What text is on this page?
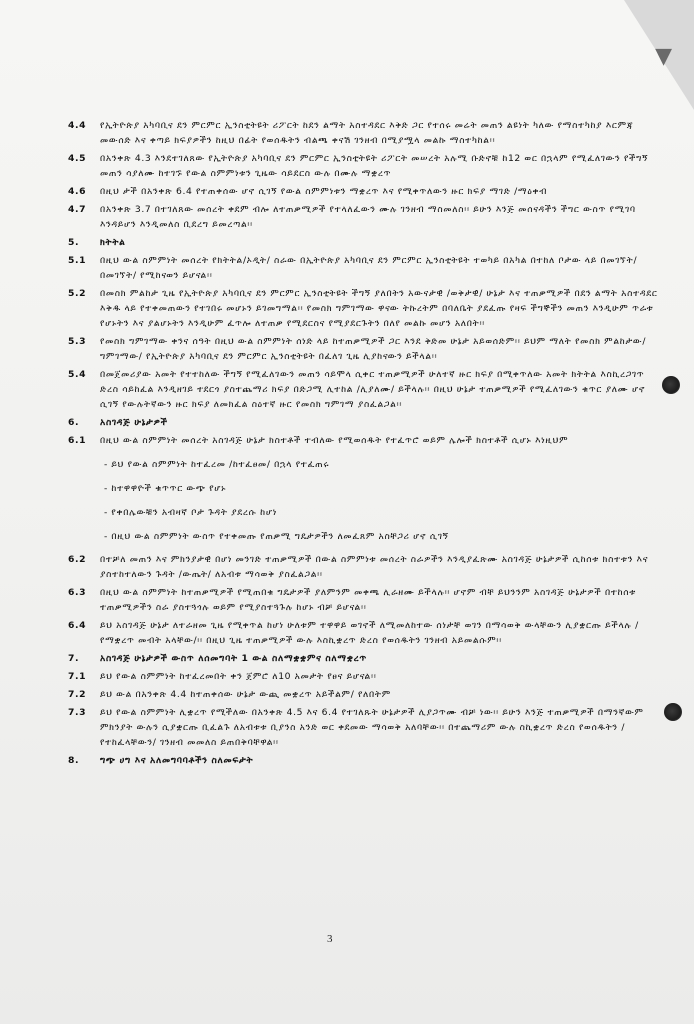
▼
4.4 የኢትዮጵያ አካባቢና ደን ምርምር ኢንስቲትዩት ሪፖርት ከደን ልማት አስተዳደር እቅድ ጋር የተሰሩ መሬት መጠን ልዩነት ካለው የማስተካከያ እርምጃ መውሰድ እና ቀጣይ ክፍያዎችን ከዚህ በፊት የወሰዱትን ብልጫ ቀናሽ ገንዘብ በሚያሟላ መልኩ ማስተካከል፡፡
4.5 በአንቀጽ 4.3 እንደተገለጸው የኢትዮጵያ አካባቢና ደን ምርምር ኢንስቲትዩት ሪፖርት መሠረት አሉሚ ቡድኖቹ ከ12 ወር በኋላም የሚፈለገውን የችግኝ መጠን ሳያለሙ ከተገኙ የውል ስምምነቱን ጊዜው ሳይደርስ ውሉ በሙሉ ማቋረጥ
4.6 በዚህ ታች በአንቀጽ 6.4 የተጠቀሰው ሆኖ ሲገኝ የውል ስምምነቱን ማቋረጥ እና የሚቀጥለውን ዙር ክፍያ ማገድ /ማዕቀብ
4.7 በአንቀጽ 3.7 በተገለጸው መሰረት ቀደም ብሎ ለተጠቃሚዎች የተላለፈውን ሙሉ ገንዘብ ማስመለስ፡፡ ይሁን እንጅ መሰናዳችን ችግር ውስጥ የሚገባ እንዳይሆን እንዲመለስ ቢደረግ ይመረጣል፡፡
5. ክትትል
5.1 በዚህ ውል ስምምነት መሰረት የክትትል/ኦዲት/ ስራው በኢትዮጵያ አካባቢና ደን ምርምር ኢንስቲትዩት ተወካይ በአካል በተከለ ቦታው ላይ በመገኘት/በመገኘት/ የሚከናወን ይሆናል፡፡
5.2 በመስክ ምልከታ ጊዜ የኢትዮጵያ አካባቢና ደን ምርምር ኢንስቲትዩት ችግኝ ያለበትን አውናታዊ /ወቅታዊ/ ሁኔታ እና ተጠቃሚዎች በደን ልማት አስተዳደር እቅዱ ላይ የተቀመጠውን የተገበሩ መሆኑን ይገመግማል፡፡ የመስክ ግምገማው ዋናው ትኩረትም በባለቤት ያደፈጡ የዛፍ ችግኞችን መጠን እንዲሁም ጥራቱ የሆኑትን እና ያልሆኑትን እንዲሁም ፈጥሎ ለተጠቃ የሚደርስና የሚያደርጉትን በለየ መልኩ መሆን አለበት፡፡
5.3 የመስክ ግምገማው ቀንና ሰዓት በዚህ ውል ስምምነት ሰነድ ላይ ከተጠቃሚዎች ጋር እንደ ቅድመ ሁኔታ አይወሰድም፡፡ ይህም ማለት የመስክ ምልከታው/ግምገማው/ የኢትዮጵያ አካባቢና ደን ምርምር ኢንስቲትዩት በፈለገ ጊዜ ሊያከናውን ይችላል፡፡
5.4 በመጀመሪያው አመት የተተከለው ችግኝ የሚፈለገውን መጠን ሳይሞላ ሲቀር ተጠቃሚዎች ሁለተኛ ዙር ክፍያ በሚቀጥለው አመት ክትትል እስኪረጋገጥ ድረስ ሳይከፈል እንዲዘገይ ተደርጎ ያስተጨማሪ ክፍያ በድጋሚ ሊተከል /ሊያለሙ/ ይችላሉ፡፡ በዚህ ሁኔታ ተጠቃሚዎች የሚፈለገውን ቁጥር ያለሙ ሆኖ ሲገኝ የውሉትኛውን ዙር ክፍያ ለመክፈል ስዕተኛ ዙር የመስክ ግምገማ ያስፈልጋል፡፡
6. አስገዳጅ ሁኔታዎች
6.1 በዚህ ውል ስምምነት መሰረት አስገዳጅ ሁኔታ ክስተቶች ተብለው የሚወሰዱት የተፈጥሮ ወይም ሌሎች ክስተቶች ሲሆኑ እነዚህም
- ይህ የውል ስምምነት ከተፈረመ /ከተፈፀመ/ በኋላ የተፈጠሩ
- ከተዋዋዮች ቁጥጥር ውጭ የሆኑ
- የቀበሌውቹን አብዛኛ ቦታ ጉዳት ያደረሱ ከሆነ
- በዚህ ውል ስምምነት ውስጥ የተቀመጡ የጠቃሚ ግዴታዎችን ለመፈጸም አስቸጋሪ ሆኖ ሲገኝ
6.2 በተቻለ መጠን እና ምክንያታዊ በሆነ መንገድ ተጠቃሚዎች በውል ስምምነቱ መሰረት ስራዎችን እንዲያፈጽሙ አስገዳጅ ሁኔታዎች ሲከሰቱ ክስተቱን እና ያስተከተለውን ጉዳት /ውጤት/ ለአብቱ ማሳወቅ ያስፈልጋል፡፡
6.3 በዚህ ውል ስምምነት ከተጠቃሚዎች የሚጠበቁ ግዴታዎች ያለምንም መቀጫ ሊራዘሙ ይችላሉ፡፡ ሆኖም ብቸ ይህንንም አስገዳጅ ሁኔታዎች በተከሰቱ ተጠቃሚዎችን ስራ ያስተጓጎሉ ወይም የሚያስተጓጉሉ ከሆኑ ብቻ ይሆናል፡፡
6.4 ይህ አስገዳጅ ሁኔታ ለተራዘመ ጊዜ የሚቀጥል ከሆነ ሁለቱም ተዋዋይ ወገኖች ለሚመለከተው ሰነታቸ ወገን በማሳወቅ ውላቸውን ሊያቋርጡ ይችላሉ /የማቋረጥ መብት አላቸው/፡፡ በዚህ ጊዜ ተጠቃሚዎች ውሉ እስኪቋረጥ ድረስ የወሰዱትን ገንዘብ አይመልሱም፡፡
7. አስገዳጅ ሁኔታዎች ውስጥ ለሰመግባት 1 ውል ስለማቋቋምና ስለማቋረጥ
7.1 ይህ የውል ስምምነት ከተፈረመበት ቀን ጀምሮ ለ10 አመታት የፀና ይሆናል፡፡
7.2 ይህ ውል በአንቀጽ 4.4 ከተጠቀሰው ሁኔታ ውጪ መቋረጥ አይችልም/ የለበትም
7.3 ይህ የውል ስምምነት ሊቋረጥ የሚችለው በአንቀጽ 4.5 እና 6.4 የተገለጹት ሁኔታዎች ሊያጋጥሙ ብቻ ነው፡፡ ይሁን እንጅ ተጠቃሚዎች በማንኛውም ምክንያት ውሉን ሲያቋርጡ ቢፈልጉ ለአብቱቱ ቢያንስ አንድ ወር ቀደመው ማሳወቅ አለባቸው፡፡ በተጨማሪም ውሉ ስኪቋረጥ ድረስ የወሰዱትን /የተከፈላቸውን/ ገንዘብ መመለስ ይጠበቅባቸዋል፡፡
8. ግጭ ሀግ እና አለመግባባቶችን ስለመፍታት
3
